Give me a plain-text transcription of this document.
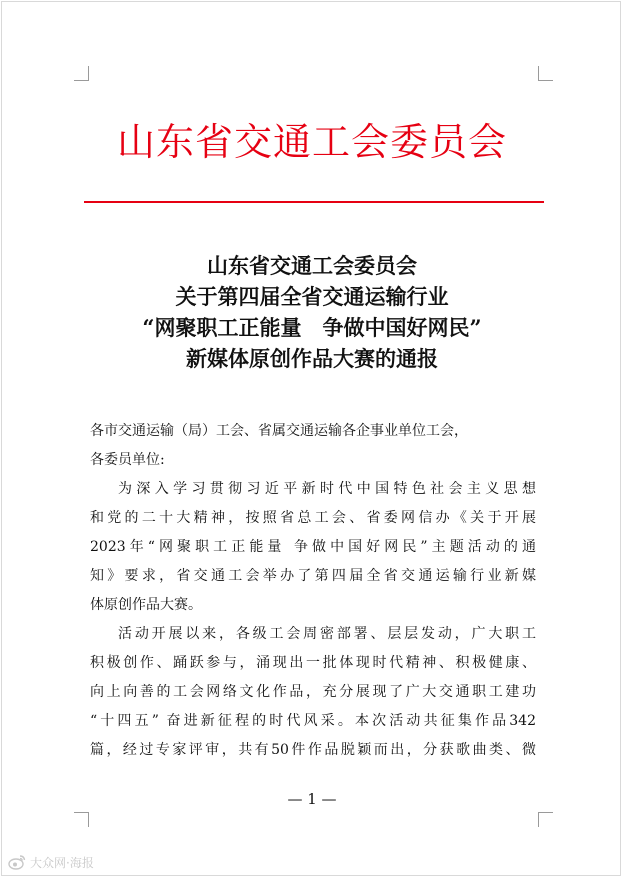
山东省交通工会委员会
山东省交通工会委员会
关于第四届全省交通运输行业
“网聚职工正能量　争做中国好网民”
新媒体原创作品大赛的通报
各市交通运输（局）工会、省属交通运输各企事业单位工会，
各委员单位:
为深入学习贯彻习近平新时代中国特色社会主义思想
和党的二十大精神，按照省总工会、省委网信办《关于开展
2023年“网聚职工正能量 争做中国好网民”主题活动的通
知》要求，省交通工会举办了第四届全省交通运输行业新媒
体原创作品大赛。
活动开展以来，各级工会周密部署、层层发动，广大职工
积极创作、踊跃参与，涌现出一批体现时代精神、积极健康、
向上向善的工会网络文化作品，充分展现了广大交通职工建功
“十四五” 奋进新征程的时代风采。本次活动共征集作品342
篇，经过专家评审，共有50件作品脱颖而出，分获歌曲类、微
— 1 —
大众网·海报
